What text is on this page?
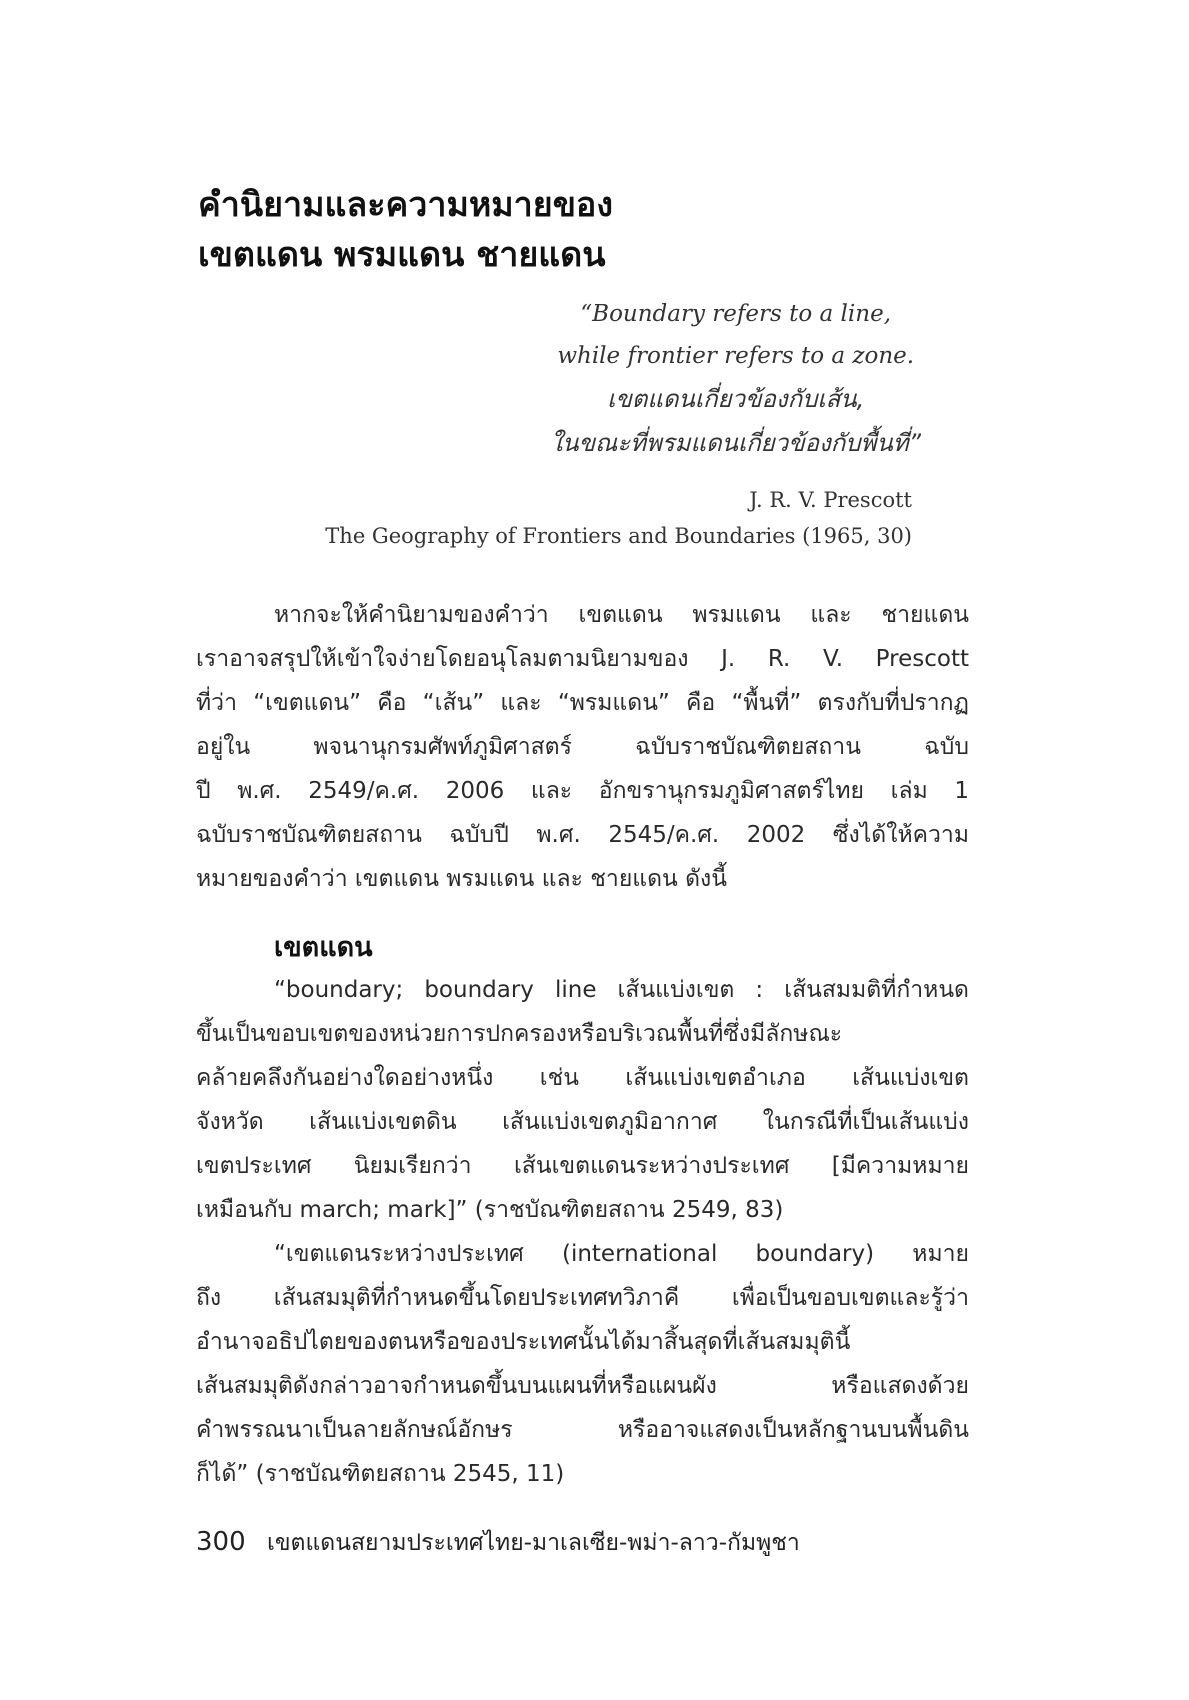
คำนิยามและความหมายของ
เขตแดน พรมแดน ชายแดน
“Boundary refers to a line,
while frontier refers to a zone.
เขตแดนเกี่ยวข้องกับเส้น,
ในขณะที่พรมแดนเกี่ยวข้องกับพื้นที่”
J. R. V. Prescott
The Geography of Frontiers and Boundaries (1965, 30)
หากจะให้คำนิยามของคำว่า เขตแดน พรมแดน และ ชายแดน
เราอาจสรุปให้เข้าใจง่ายโดยอนุโลมตามนิยามของ J. R. V. Prescott
ที่ว่า “เขตแดน” คือ “เส้น” และ “พรมแดน” คือ “พื้นที่” ตรงกับที่ปรากฏ
อยู่ใน พจนานุกรมศัพท์ภูมิศาสตร์ ฉบับราชบัณฑิตยสถาน ฉบับ
ปี พ.ศ. 2549/ค.ศ. 2006 และ อักขรานุกรมภูมิศาสตร์ไทย เล่ม 1
ฉบับราชบัณฑิตยสถาน ฉบับปี พ.ศ. 2545/ค.ศ. 2002 ซึ่งได้ให้ความ
หมายของคำว่า เขตแดน พรมแดน และ ชายแดน ดังนี้
เขตแดน
“boundary; boundary line เส้นแบ่งเขต : เส้นสมมติที่กำหนด
ขึ้นเป็นขอบเขตของหน่วยการปกครองหรือบริเวณพื้นที่ซึ่งมีลักษณะ
คล้ายคลึงกันอย่างใดอย่างหนึ่ง เช่น เส้นแบ่งเขตอำเภอ เส้นแบ่งเขต
จังหวัด เส้นแบ่งเขตดิน เส้นแบ่งเขตภูมิอากาศ ในกรณีที่เป็นเส้นแบ่ง
เขตประเทศ นิยมเรียกว่า เส้นเขตแดนระหว่างประเทศ [มีความหมาย
เหมือนกับ march; mark]” (ราชบัณฑิตยสถาน 2549, 83)
“เขตแดนระหว่างประเทศ (international boundary) หมาย
ถึง เส้นสมมุติที่กำหนดขึ้นโดยประเทศทวิภาคี เพื่อเป็นขอบเขตและรู้ว่า
อำนาจอธิปไตยของตนหรือของประเทศนั้นได้มาสิ้นสุดที่เส้นสมมุตินี้
เส้นสมมุติดังกล่าวอาจกำหนดขึ้นบนแผนที่หรือแผนผัง หรือแสดงด้วย
คำพรรณนาเป็นลายลักษณ์อักษร หรืออาจแสดงเป็นหลักฐานบนพื้นดิน
ก็ได้” (ราชบัณฑิตยสถาน 2545, 11)
300 เขตแดนสยามประเทศไทย-มาเลเซีย-พม่า-ลาว-กัมพูชา
